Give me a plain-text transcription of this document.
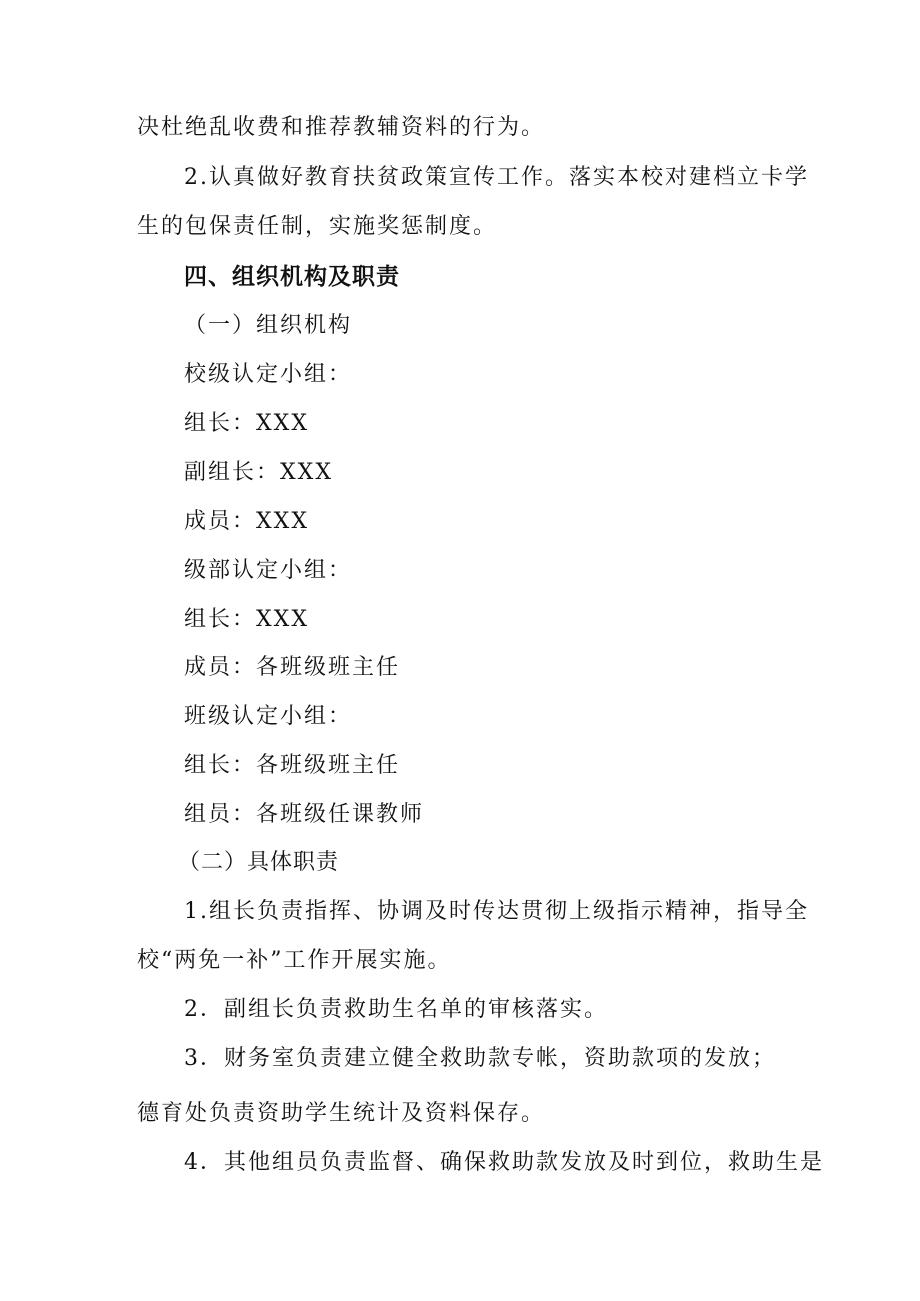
决杜绝乱收费和推荐教辅资料的行为。
2.认真做好教育扶贫政策宣传工作。落实本校对建档立卡学
生的包保责任制，实施奖惩制度。
四、组织机构及职责
（一）组织机构
校级认定小组：
组长：XXX
副组长：XXX
成员：XXX
级部认定小组：
组长：XXX
成员：各班级班主任
班级认定小组：
组长：各班级班主任
组员：各班级任课教师
（二）具体职责
1.组长负责指挥、协调及时传达贯彻上级指示精神，指导全
校“两免一补”工作开展实施。
2．副组长负责救助生名单的审核落实。
3．财务室负责建立健全救助款专帐，资助款项的发放；
德育处负责资助学生统计及资料保存。
4．其他组员负责监督、确保救助款发放及时到位，救助生是
